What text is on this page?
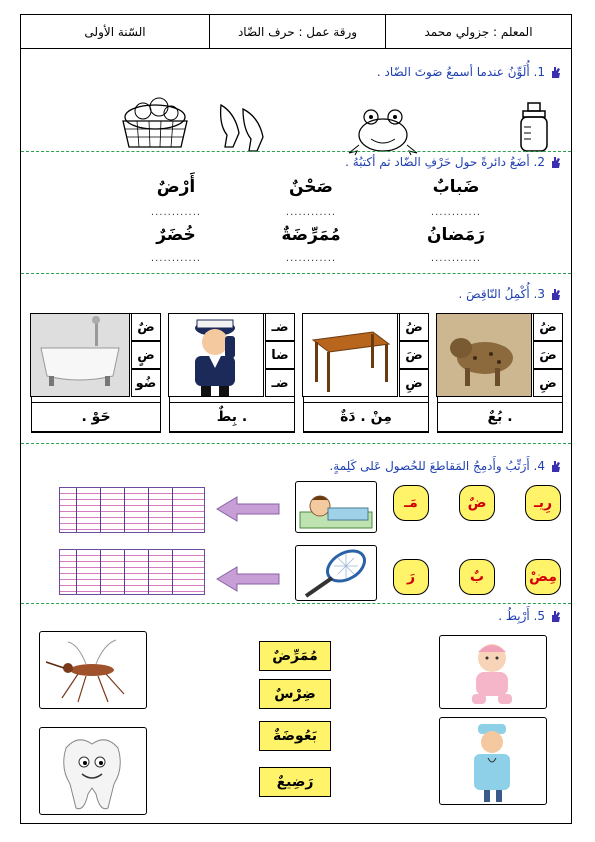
المعلم : جزولي محمد
ورقة عمل : حرف الضّاد
السّنة الأولى
1. أُلَوِّنُ عندما أسمعُ صَوتَ الضّاد .
2. أضَعُ دائرةً حول حَرْفِ الضّاد ثم أكتبُهُ .
ضَبابٌ
صَحْنٌ
أَرْضٌ
............
............
............
رَمَضانُ
مُمَرِّضَةٌ
خُضَرٌ
............
............
............
3. أُكْمِلُ النّاقِصَ .
ضُ
ضَ
ضِ
. بُعٌ
ضُ
ضَ
ضِ
مِنْ . دَةٌ
ضـ
ضا
ضـ
. بِطٌ
ضٌ
ضٍ
ضُو
حَوْ .
4. أَرَتِّبُ وأَدمِجُ المَقاطعَ للحُصول عَلى كَلِمةٍ.
رِيـ
ضٌ
مَـ
مِضْ
بٌ
رَ
5. أَرْبِطُ .
مُمَرِّضٌ
ضِرْسٌ
بَعُوضَةٌ
رَضِيعٌ
